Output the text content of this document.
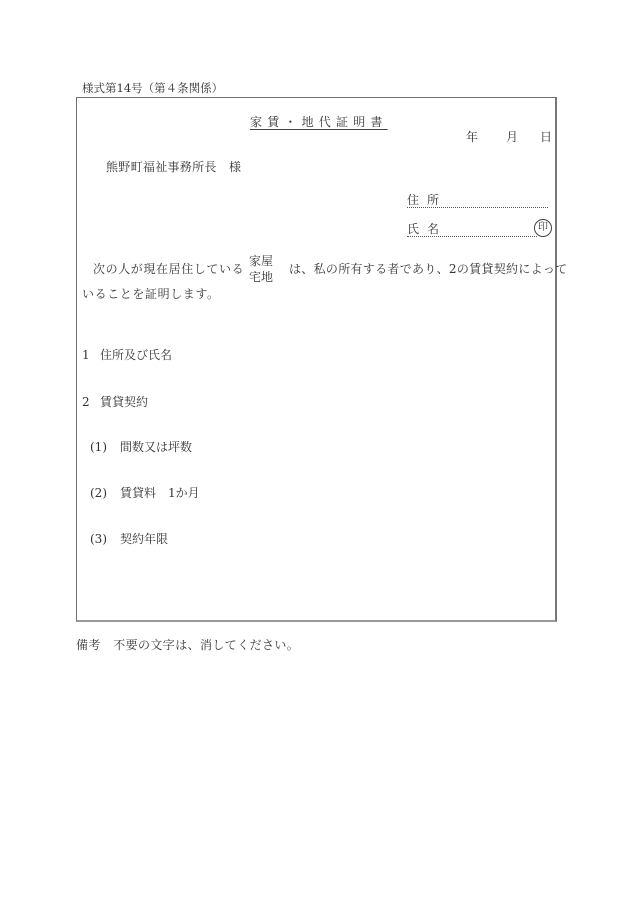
様式第14号（第４条関係）
家賃・地代証明書
年 月 日
熊野町福祉事務所長　様
住所
氏名	印
次の人が現在居住している
家屋
宅地
は、私の所有する者であり、2の賃貸契約によって
いることを証明します。
1 住所及び氏名
2 賃貸契約
(1) 間数又は坪数
(2) 賃貸料　1か月
(3) 契約年限
備考　不要の文字は、消してください。
